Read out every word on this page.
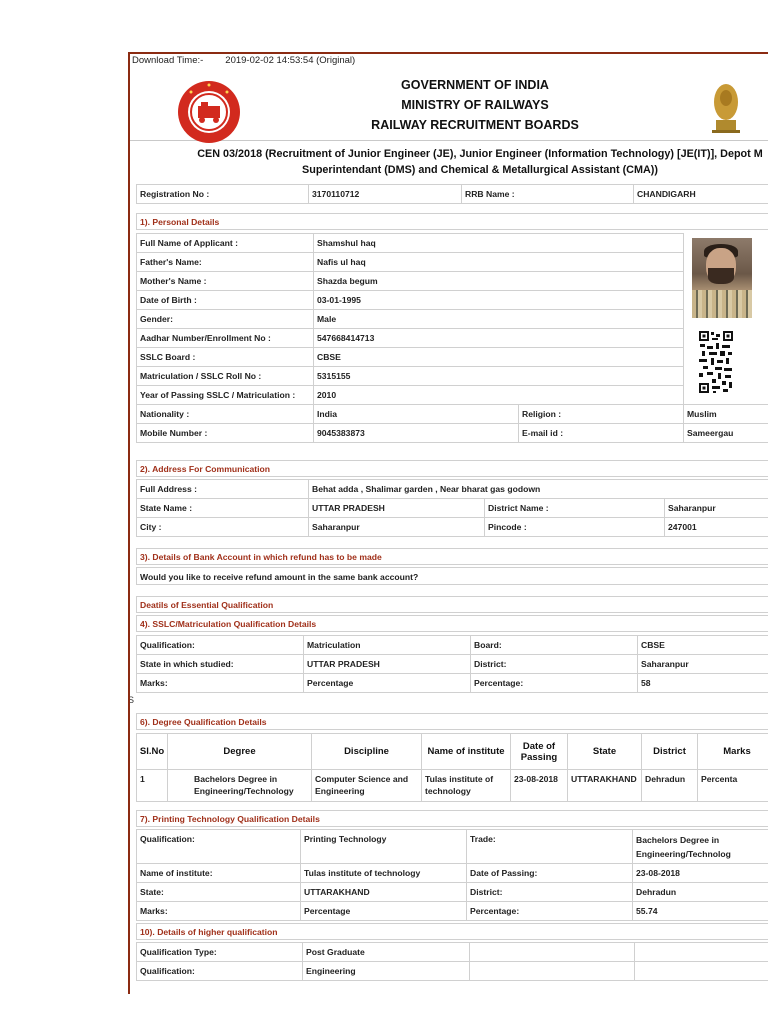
S
Download Time:- 2019-02-02 14:53:54 (Original)
GOVERNMENT OF INDIA
MINISTRY OF RAILWAYS
RAILWAY RECRUITMENT BOARDS
CEN 03/2018 (Recruitment of Junior Engineer (JE), Junior Engineer (Information Technology) [JE(IT)], Depot M
Superintendant (DMS) and Chemical & Metallurgical Assistant (CMA))
Registration No :	3170110712	RRB Name :	CHANDIGARH
1). Personal Details
Full Name of Applicant :	Shamshul haq		
Father's Name:	Nafis ul haq		
Mother's Name :	Shazda begum		
Date of Birth :	03-01-1995		
Gender:	Male		
Aadhar Number/Enrollment No :	547668414713		
SSLC Board :	CBSE		
Matriculation / SSLC Roll No :	5315155		
Year of Passing SSLC / Matriculation :	2010		
Nationality :	India	Religion :	Muslim
Mobile Number :	9045383873	E-mail id :	Sameergau
2). Address For Communication
Full Address :	Behat adda , Shalimar garden , Near bharat gas godown		
State Name :	UTTAR PRADESH	District Name :	Saharanpur
City :	Saharanpur	Pincode :	247001
3). Details of Bank Account in which refund has to be made
Would you like to receive refund amount in the same bank account?
Deatils of Essential Qualification
4). SSLC/Matriculation Qualification Details
Qualification:	Matriculation	Board:	CBSE
State in which studied:	UTTAR PRADESH	District:	Saharanpur
Marks:	Percentage	Percentage:	58
6). Degree Qualification Details
Sl.No	Degree	Discipline	Name of institute	Date of Passing	State	District	Marks
1	Bachelors Degree in Engineering/Technology	Computer Science and Engineering	Tulas institute of technology	23-08-2018	UTTARAKHAND	Dehradun	Percenta
7). Printing Technology Qualification Details
Qualification:	Printing Technology	Trade:	Bachelors Degree in Engineering/Technolog
Name of institute:	Tulas institute of technology	Date of Passing:	23-08-2018
State:	UTTARAKHAND	District:	Dehradun
Marks:	Percentage	Percentage:	55.74
10). Details of higher qualification
Qualification Type:	Post Graduate		
Qualification:	Engineering		
